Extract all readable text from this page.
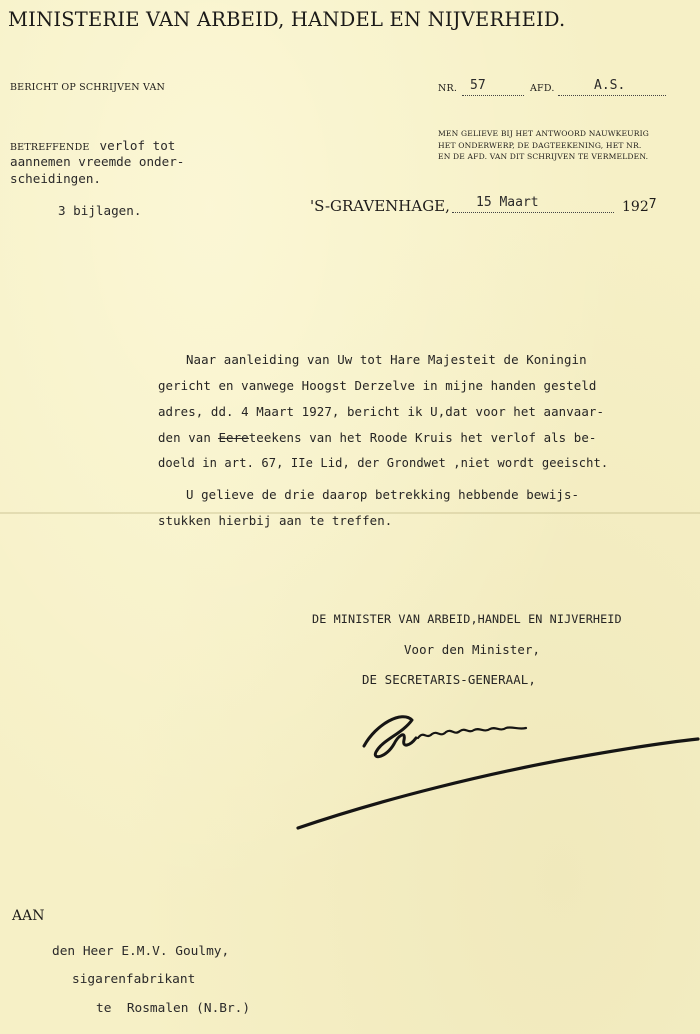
MINISTERIE VAN ARBEID, HANDEL EN NIJVERHEID.
BERICHT OP SCHRIJVEN VAN	NR. 57	AFD.	A.S.
MEN GELIEVE BIJ HET ANTWOORD NAUWKEURIG
HET ONDERWERP, DE DAGTEEKENING, HET NR.
EN DE AFD. VAN DIT SCHRIJVEN TE VERMELDEN.
BETREFFENDE verlof tot
aannemen vreemde onder-
scheidingen.
3 bijlagen.	'S-GRAVENHAGE, 15 Maart	1927
Naar aanleiding van Uw tot Hare Majesteit de Koningin
gericht en vanwege Hoogst Derzelve in mijne handen gesteld
adres, dd. 4 Maart 1927, bericht ik U,dat voor het aanvaar-
den van Eereteekens van het Roode Kruis het verlof als be-
doeld in art. 67, IIe Lid, der Grondwet ,niet wordt geeischt.
U gelieve de drie daarop betrekking hebbende bewijs-
stukken hierbij aan te treffen.
DE MINISTER VAN ARBEID,HANDEL EN NIJVERHEID
Voor den Minister,
DE SECRETARIS-GENERAAL,
AAN
den Heer E.M.V. Goulmy,
sigarenfabrikant
te  Rosmalen (N.Br.)
